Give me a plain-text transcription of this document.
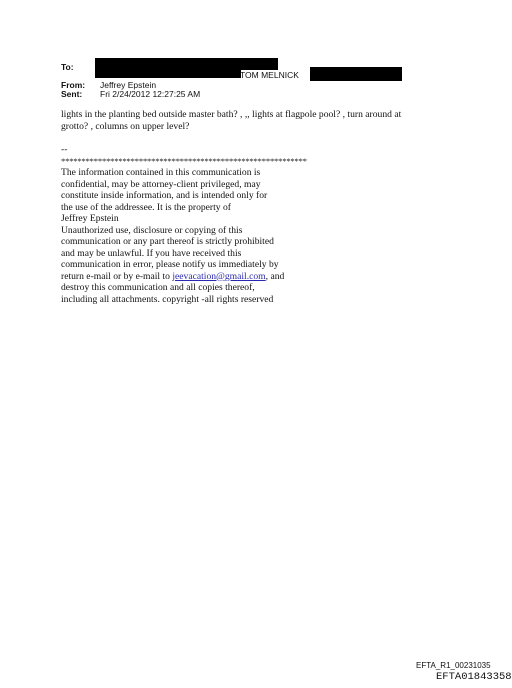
To:
TOM MELNICK
From: Jeffrey Epstein
Sent: Fri 2/24/2012 12:27:25 AM
lights in the planting bed outside master bath? , ,, lights at flagpole pool? , turn around at
grotto? , columns on upper level?
--
************************************************************
The information contained in this communication is
confidential, may be attorney-client privileged, may
constitute inside information, and is intended only for
the use of the addressee. It is the property of
Jeffrey Epstein
Unauthorized use, disclosure or copying of this
communication or any part thereof is strictly prohibited
and may be unlawful. If you have received this
communication in error, please notify us immediately by
return e-mail or by e-mail to jeevacation@gmail.com, and
destroy this communication and all copies thereof,
including all attachments. copyright -all rights reserved
EFTA_R1_00231035
EFTA01843358
